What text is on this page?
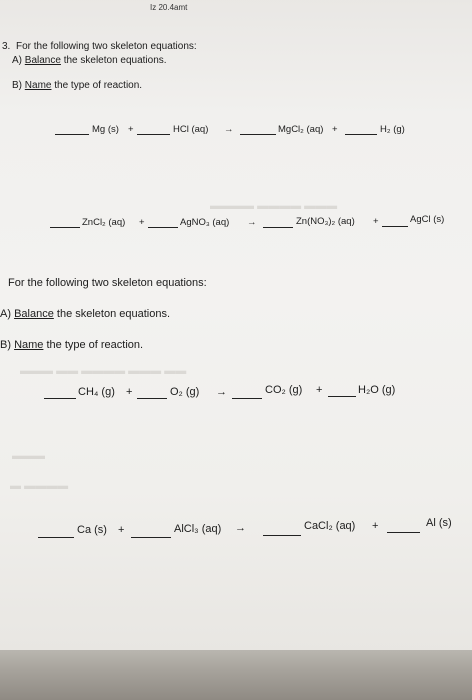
▬▬▬ ▬▬▬▬ ▬▬▬▬
▬▬ ▬▬▬ ▬▬▬▬ ▬▬ ▬▬▬
▬▬▬
▬▬▬▬ ▬
Iz 20.4amt
3. For the following two skeleton equations:
A) Balance the skeleton equations.
B) Name the type of reaction.
Mg (s) +	HCl (aq) →	MgCl₂ (aq) +	H₂ (g)
ZnCl₂ (aq) +	AgNO₃ (aq) →	Zn(NO₃)₂ (aq) +	AgCl (s)
For the following two skeleton equations:
A) Balance the skeleton equations.
B) Name the type of reaction.
CH₄ (g) +	O₂ (g) →	CO₂ (g) +	H₂O (g)
Ca (s) +	AlCl₃ (aq) →	CaCl₂ (aq) +	Al (s)
